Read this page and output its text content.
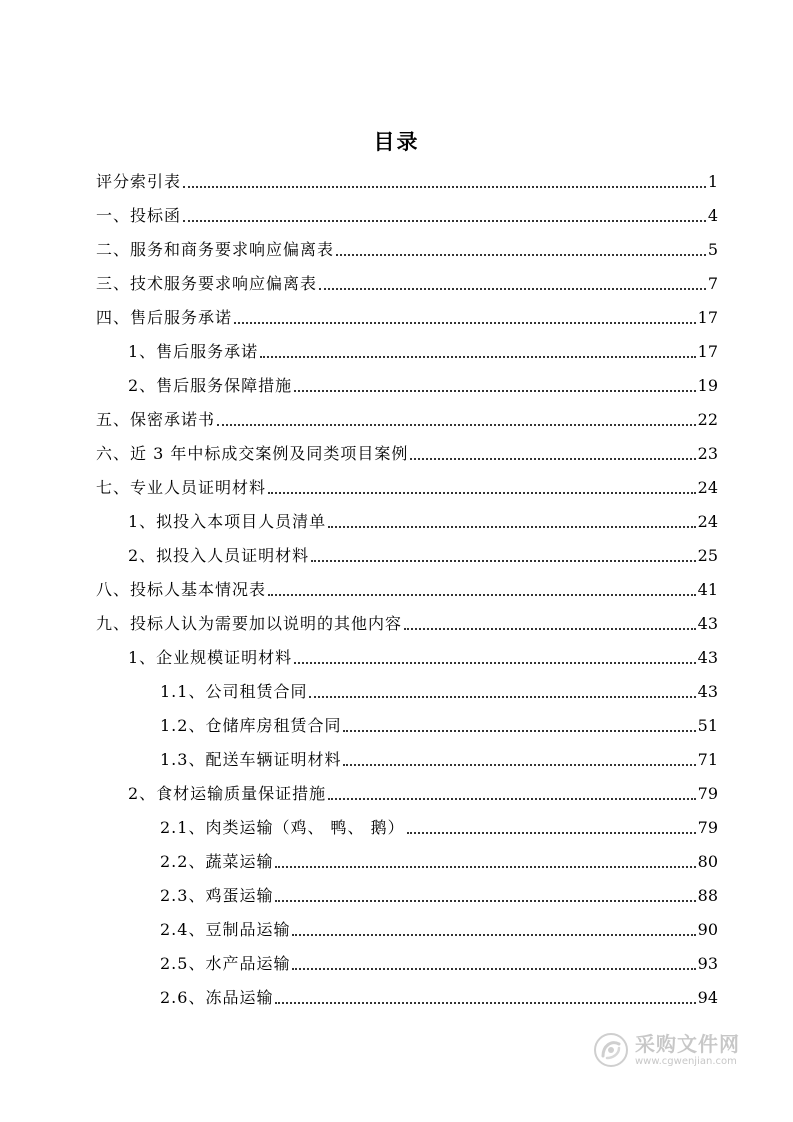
目录
评分索引表	1
一、投标函	4
二、服务和商务要求响应偏离表	5
三、技术服务要求响应偏离表	7
四、售后服务承诺	17
1、售后服务承诺	17
2、售后服务保障措施	19
五、保密承诺书	22
六、近 3 年中标成交案例及同类项目案例	23
七、专业人员证明材料	24
1、拟投入本项目人员清单	24
2、拟投入人员证明材料	25
八、投标人基本情况表	41
九、投标人认为需要加以说明的其他内容	43
1、企业规模证明材料	43
1.1、公司租赁合同	43
1.2、仓储库房租赁合同	51
1.3、配送车辆证明材料	71
2、食材运输质量保证措施	79
2.1、肉类运输（鸡、 鸭、 鹅）	79
2.2、蔬菜运输	80
2.3、鸡蛋运输	88
2.4、豆制品运输	90
2.5、水产品运输	93
2.6、冻品运输	94
采购文件网
www.cgwenjian.com
